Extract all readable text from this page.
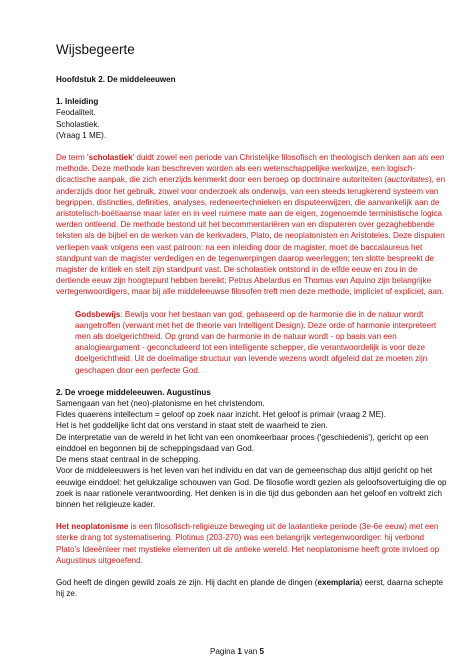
Wijsbegeerte

Hoofdstuk 2. De middeleeuwen

1. Inleiding

Feodaliteit.

Scholastiek.

(Vraag 1 ME).

De term 'scholastiek' duidt zowel een periode van Christelijke filosofisch en theologisch denken aan als een methode. Deze methode kan beschreven worden als een wetenschappelijke werkwijze, een logisch-dicactische aanpak, die zich enerzijds kenmerkt door een beroep op doctrinaire autoriteiten (auctoritates), en anderzijds door het gebruik, zowel voor onderzoek als onderwijs, van een steeds terugkerend systeem van begrippen, distincties, definities, analyses, redeneertechnieken en disputeerwijzen, die aanvankelijk aan de aristotelisch-boëtiaanse maar later en in veel ruimere mate aan de eigen, zogenoemde terministische logica werden ontleend. De methode bestond uit het becommentariëren van en disputeren over gezaghebbende teksten als de bijbel en de werken van de kerkvaders, Plato, de neoplatonisten en Aristoteles. Deze disputen verliepen vaak volgens een vast patroon: na een inleiding door de magister, moet de baccalaureus het standpunt van de magister verdedigen en de tegenwerpingen daarop weerleggen; ten slotte bespreekt de magister de kritiek en stelt zijn standpunt vast. De scholastiek ontstond in de elfde eeuw en zou in de dertiende eeuw zijn hoogtepunt hebben bereikt; Petrus Abelardus en Thomas van Aquino zijn belangrijke vertegenwoordigers, maar bij alle middeleeuwse filosofen treft men deze methode, impliciet of expliciet, aan.

Godsbewijs: Bewijs voor het bestaan van god, gebaseerd op de harmonie die in de natuur wordt aangetroffen (verwant met het de theorie van Intelligent Design). Deze orde of harmonie interpreteert men als doelgerichtheid. Op grond van de harmonie in de natuur wordt - op basis van een analogieargument - geconcludeerd tot een intelligente schepper, die verantwoordelijk is voor deze doelgerichtheid. Uit de doelmatige structuur van levende wezens wordt afgeleid dat ze moeten zijn geschapen door een perfecte God.

2. De vroege middeleeuwen. Augustinus

Samengaan van het (neo)-platonisme en het christendom.

Fides quaerens intellectum = geloof op zoek naar inzicht. Het geloof is primair (vraag 2 ME).

Het is het goddelijke licht dat ons verstand in staat stelt de waarheid te zien.

De interpretatie van de wereld in het licht van een onomkeerbaar proces ('geschiedenis'), gericht op een einddoel en begonnen bij de scheppingsdaad van God.

De mens staat centraal in de schepping.

Voor de middeleeuwers is het leven van het individu en dat van de gemeenschap dus altijd gericht op het eeuwige einddoel: het gelukzalige schouwen van God. De filosofie wordt gezien als geloofsovertuiging die op zoek is naar rationele verantwoording. Het denken is in die tijd dus gebonden aan het geloof en voltrekt zich binnen het religieuze kader.

Het neoplatonisme is een filosofisch-religieuze beweging uit de laatantieke periode (3e-6e eeuw) met een sterke drang tot systematisering. Plotinus (203-270) was een belangrijk vertegenwoordiger: hij verbond Plato's Ideeënleer met mystieke elementen uit de antieke wereld. Het neoplatonisme heeft grote invloed op Augustinus uitgeoefend.

God heeft de dingen gewild zoals ze zijn. Hij dacht en plande de dingen (exemplaria) eerst, daarna schepte hij ze.

Pagina 1 van 5
